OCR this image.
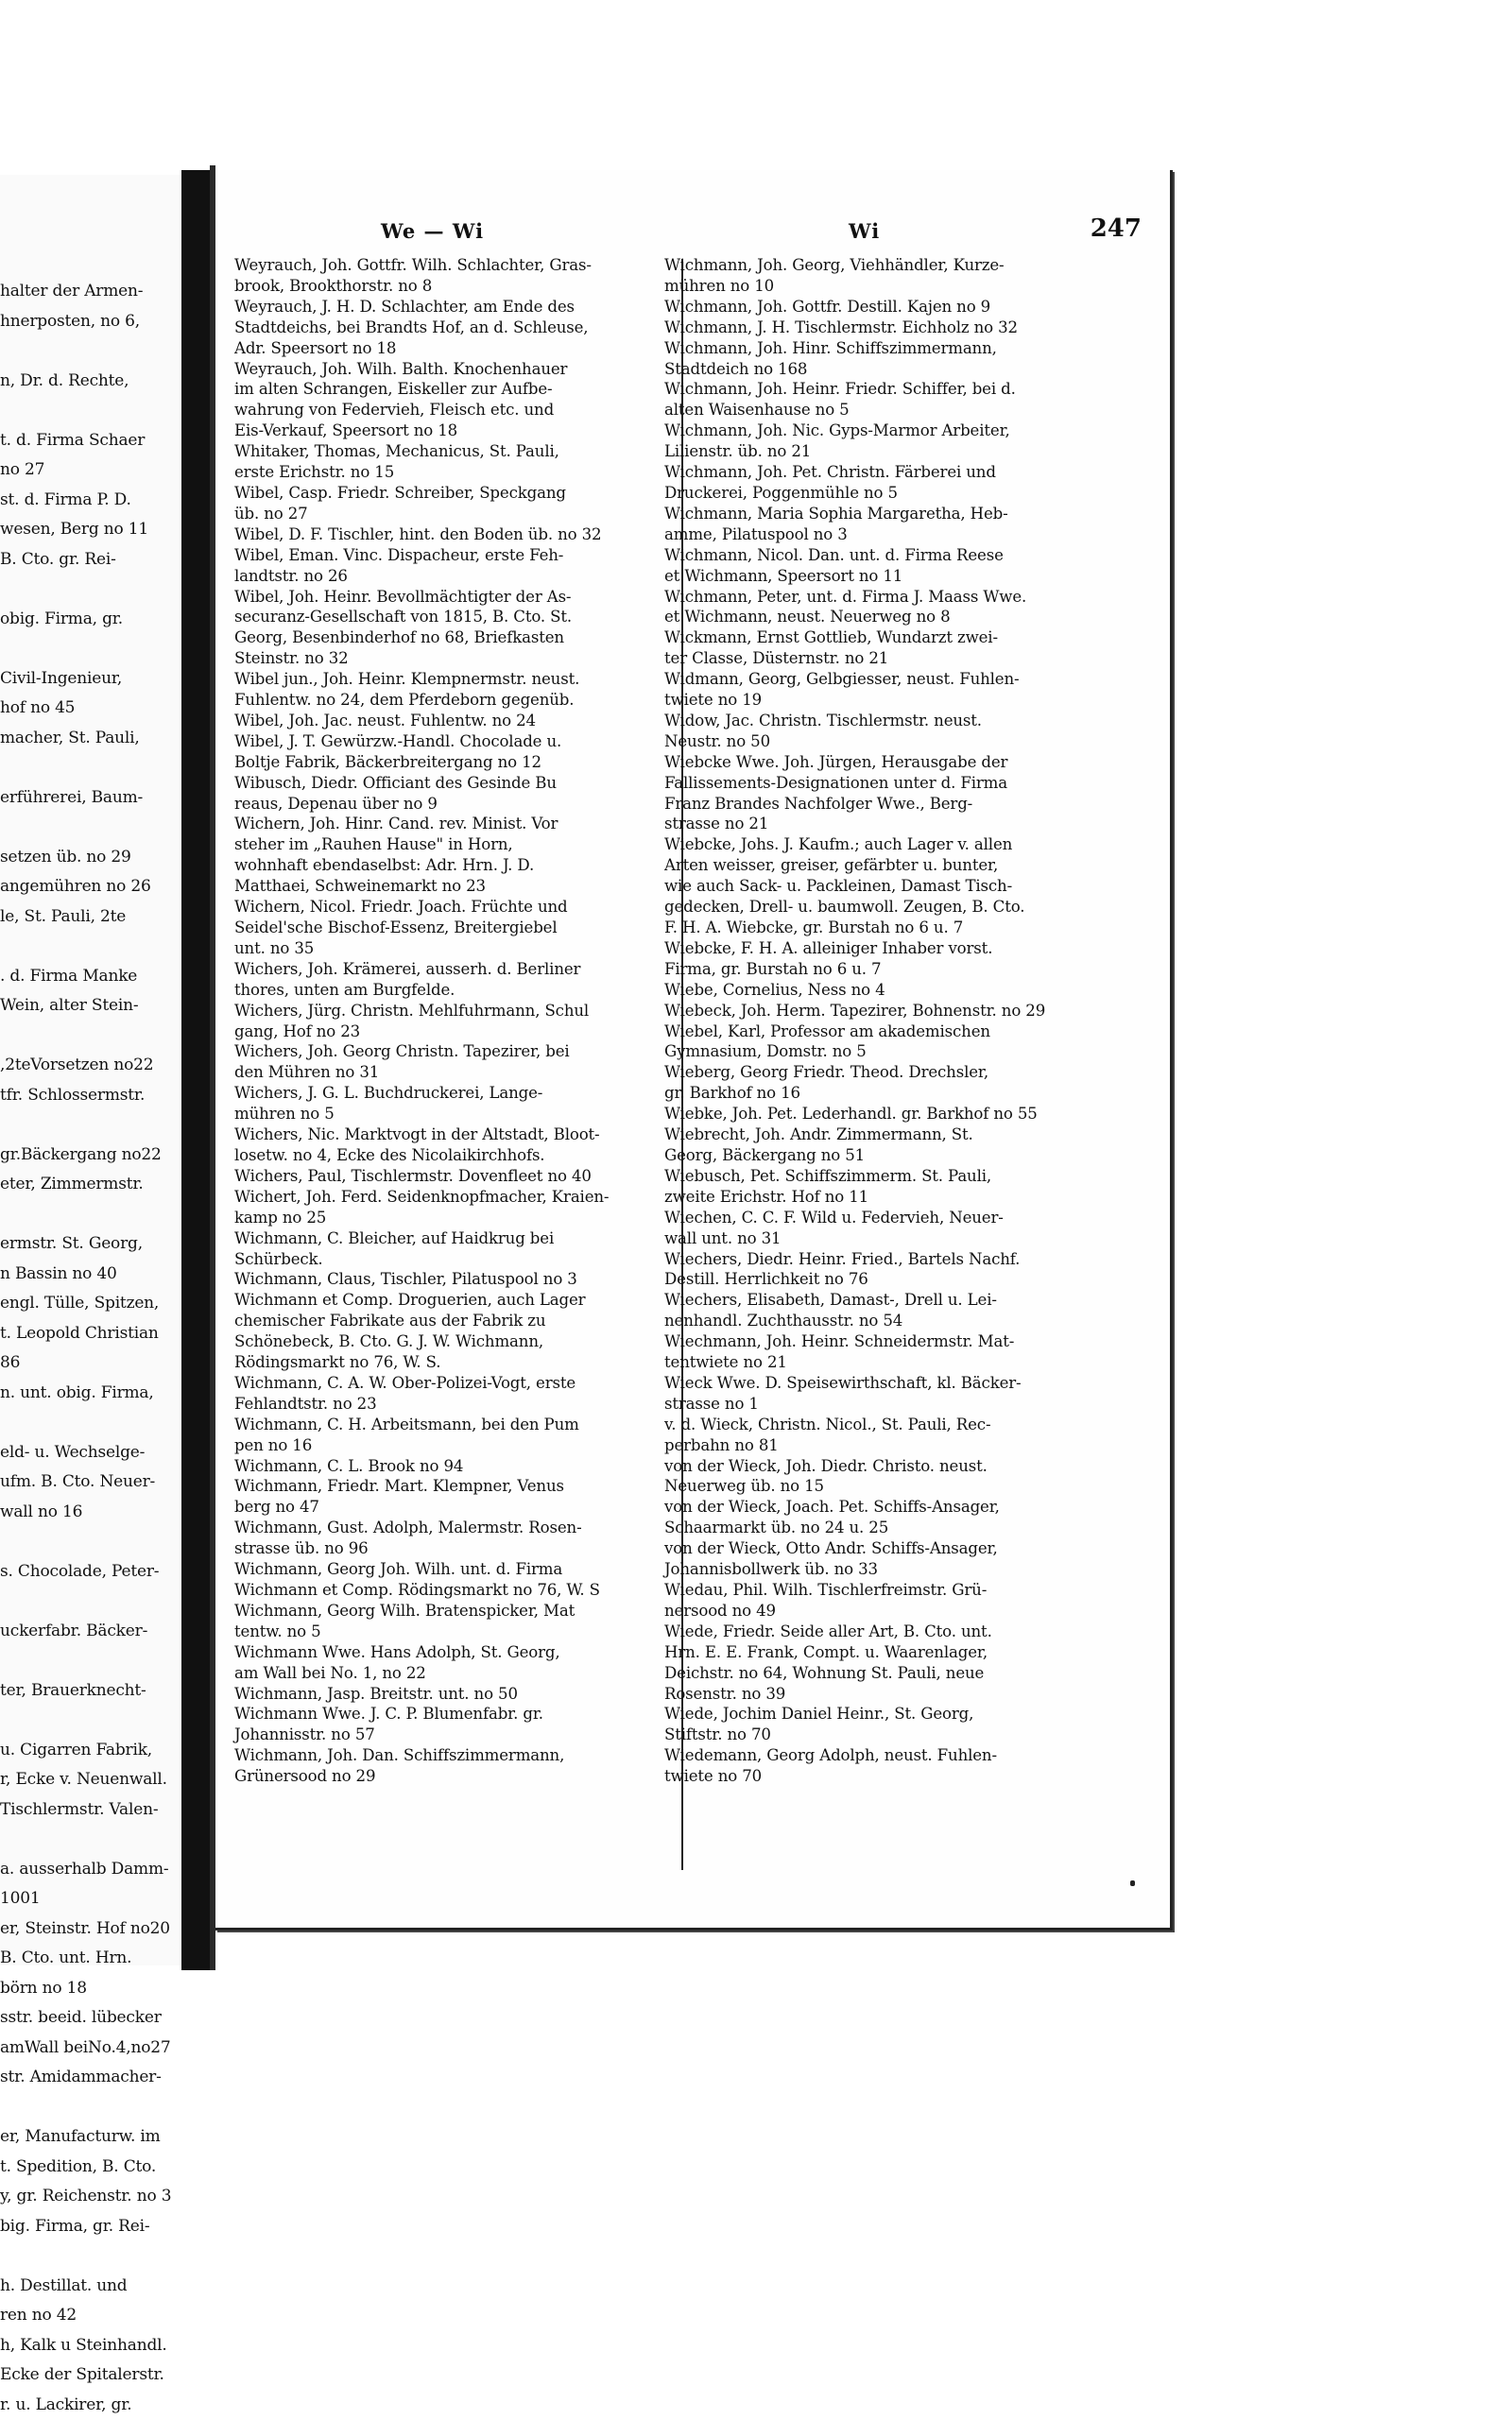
halter der Armen-
hnerposten, no 6,
n, Dr. d. Rechte,
t. d. Firma Schaer
no 27
st. d. Firma P. D.
wesen, Berg no 11
B. Cto. gr. Rei-
obig. Firma, gr.
Civil-Ingenieur,
hof no 45
macher, St. Pauli,
erführerei, Baum-
setzen üb. no 29
angemühren no 26
le, St. Pauli, 2te
. d. Firma Manke
Wein, alter Stein-
,2teVorsetzen no22
tfr. Schlossermstr.
gr.Bäckergang no22
eter, Zimmermstr.
ermstr. St. Georg,
n Bassin no 40
engl. Tülle, Spitzen,
t. Leopold Christian
86
n. unt. obig. Firma,
eld- u. Wechselge-
ufm. B. Cto. Neuer-
wall no 16
s. Chocolade, Peter-
uckerfabr. Bäcker-
ter, Brauerknecht-
u. Cigarren Fabrik,
r, Ecke v. Neuenwall.
Tischlermstr. Valen-
a. ausserhalb Damm-
1001
er, Steinstr. Hof no20
B. Cto. unt. Hrn.
börn no 18
sstr. beeid. lübecker
amWall beiNo.4,no27
str. Amidammacher-
er, Manufacturw. im
t. Spedition, B. Cto.
y, gr. Reichenstr. no 3
big. Firma, gr. Rei-
h. Destillat. und
ren no 42
h, Kalk u Steinhandl.
Ecke der Spitalerstr.
r. u. Lackirer, gr.
We — Wi	Wi	247
Weyrauch, Joh. Gottfr. Wilh. Schlachter, Gras-
brook, Brookthorstr. no 8
Weyrauch, J. H. D. Schlachter, am Ende des
Stadtdeichs, bei Brandts Hof, an d. Schleuse,
Adr. Speersort no 18
Weyrauch, Joh. Wilh. Balth. Knochenhauer
im alten Schrangen, Eiskeller zur Aufbe-
wahrung von Federvieh, Fleisch etc. und
Eis-Verkauf, Speersort no 18
Whitaker, Thomas, Mechanicus, St. Pauli,
erste Erichstr. no 15
Wibel, Casp. Friedr. Schreiber, Speckgang
üb. no 27
Wibel, D. F. Tischler, hint. den Boden üb. no 32
Wibel, Eman. Vinc. Dispacheur, erste Feh-
landtstr. no 26
Wibel, Joh. Heinr. Bevollmächtigter der As-
securanz-Gesellschaft von 1815, B. Cto. St.
Georg, Besenbinderhof no 68, Briefkasten
Steinstr. no 32
Wibel jun., Joh. Heinr. Klempnermstr. neust.
Fuhlentw. no 24, dem Pferdeborn gegenüb.
Wibel, Joh. Jac. neust. Fuhlentw. no 24
Wibel, J. T. Gewürzw.-Handl. Chocolade u.
Boltje Fabrik, Bäckerbreitergang no 12
Wibusch, Diedr. Officiant des Gesinde Bu
reaus, Depenau über no 9
Wichern, Joh. Hinr. Cand. rev. Minist. Vor
steher im „Rauhen Hause" in Horn,
wohnhaft ebendaselbst: Adr. Hrn. J. D.
Matthaei, Schweinemarkt no 23
Wichern, Nicol. Friedr. Joach. Früchte und
Seidel'sche Bischof-Essenz, Breitergiebel
unt. no 35
Wichers, Joh. Krämerei, ausserh. d. Berliner
thores, unten am Burgfelde.
Wichers, Jürg. Christn. Mehlfuhrmann, Schul
gang, Hof no 23
Wichers, Joh. Georg Christn. Tapezirer, bei
den Mühren no 31
Wichers, J. G. L. Buchdruckerei, Lange-
mühren no 5
Wichers, Nic. Marktvogt in der Altstadt, Bloot-
losetw. no 4, Ecke des Nicolaikirchhofs.
Wichers, Paul, Tischlermstr. Dovenfleet no 40
Wichert, Joh. Ferd. Seidenknopfmacher, Kraien-
kamp no 25
Wichmann, C. Bleicher, auf Haidkrug bei
Schürbeck.
Wichmann, Claus, Tischler, Pilatuspool no 3
Wichmann et Comp. Droguerien, auch Lager
chemischer Fabrikate aus der Fabrik zu
Schönebeck, B. Cto. G. J. W. Wichmann,
Rödingsmarkt no 76, W. S.
Wichmann, C. A. W. Ober-Polizei-Vogt, erste
Fehlandtstr. no 23
Wichmann, C. H. Arbeitsmann, bei den Pum
pen no 16
Wichmann, C. L. Brook no 94
Wichmann, Friedr. Mart. Klempner, Venus
berg no 47
Wichmann, Gust. Adolph, Malermstr. Rosen-
strasse üb. no 96
Wichmann, Georg Joh. Wilh. unt. d. Firma
Wichmann et Comp. Rödingsmarkt no 76, W. S
Wichmann, Georg Wilh. Bratenspicker, Mat
tentw. no 5
Wichmann Wwe. Hans Adolph, St. Georg,
am Wall bei No. 1, no 22
Wichmann, Jasp. Breitstr. unt. no 50
Wichmann Wwe. J. C. P. Blumenfabr. gr.
Johannisstr. no 57
Wichmann, Joh. Dan. Schiffszimmermann,
Grünersood no 29
Wichmann, Joh. Georg, Viehhändler, Kurze-
mühren no 10
Wichmann, Joh. Gottfr. Destill. Kajen no 9
Wichmann, J. H. Tischlermstr. Eichholz no 32
Wichmann, Joh. Hinr. Schiffszimmermann,
Stadtdeich no 168
Wichmann, Joh. Heinr. Friedr. Schiffer, bei d.
alten Waisenhause no 5
Wichmann, Joh. Nic. Gyps-Marmor Arbeiter,
Lilienstr. üb. no 21
Wichmann, Joh. Pet. Christn. Färberei und
Druckerei, Poggenmühle no 5
Wichmann, Maria Sophia Margaretha, Heb-
amme, Pilatuspool no 3
Wichmann, Nicol. Dan. unt. d. Firma Reese
et Wichmann, Speersort no 11
Wichmann, Peter, unt. d. Firma J. Maass Wwe.
et Wichmann, neust. Neuerweg no 8
Wickmann, Ernst Gottlieb, Wundarzt zwei-
ter Classe, Düsternstr. no 21
Widmann, Georg, Gelbgiesser, neust. Fuhlen-
twiete no 19
Widow, Jac. Christn. Tischlermstr. neust.
Neustr. no 50
Wiebcke Wwe. Joh. Jürgen, Herausgabe der
Fallissements-Designationen unter d. Firma
Franz Brandes Nachfolger Wwe., Berg-
strasse no 21
Wiebcke, Johs. J. Kaufm.; auch Lager v. allen
Arten weisser, greiser, gefärbter u. bunter,
wie auch Sack- u. Packleinen, Damast Tisch-
gedecken, Drell- u. baumwoll. Zeugen, B. Cto.
F. H. A. Wiebcke, gr. Burstah no 6 u. 7
Wiebcke, F. H. A. alleiniger Inhaber vorst.
Firma, gr. Burstah no 6 u. 7
Wiebe, Cornelius, Ness no 4
Wiebeck, Joh. Herm. Tapezirer, Bohnenstr. no 29
Wiebel, Karl, Professor am akademischen
Gymnasium, Domstr. no 5
Wieberg, Georg Friedr. Theod. Drechsler,
gr. Barkhof no 16
Wiebke, Joh. Pet. Lederhandl. gr. Barkhof no 55
Wiebrecht, Joh. Andr. Zimmermann, St.
Georg, Bäckergang no 51
Wiebusch, Pet. Schiffszimmerm. St. Pauli,
zweite Erichstr. Hof no 11
Wiechen, C. C. F. Wild u. Federvieh, Neuer-
wall unt. no 31
Wiechers, Diedr. Heinr. Fried., Bartels Nachf.
Destill. Herrlichkeit no 76
Wiechers, Elisabeth, Damast-, Drell u. Lei-
nenhandl. Zuchthausstr. no 54
Wiechmann, Joh. Heinr. Schneidermstr. Mat-
tentwiete no 21
Wieck Wwe. D. Speisewirthschaft, kl. Bäcker-
strasse no 1
v. d. Wieck, Christn. Nicol., St. Pauli, Rec-
perbahn no 81
von der Wieck, Joh. Diedr. Christo. neust.
Neuerweg üb. no 15
von der Wieck, Joach. Pet. Schiffs-Ansager,
Schaarmarkt üb. no 24 u. 25
von der Wieck, Otto Andr. Schiffs-Ansager,
Johannisbollwerk üb. no 33
Wiedau, Phil. Wilh. Tischlerfreimstr. Grü-
nersood no 49
Wiede, Friedr. Seide aller Art, B. Cto. unt.
Hrn. E. E. Frank, Compt. u. Waarenlager,
Deichstr. no 64, Wohnung St. Pauli, neue
Rosenstr. no 39
Wiede, Jochim Daniel Heinr., St. Georg,
Stiftstr. no 70
Wiedemann, Georg Adolph, neust. Fuhlen-
twiete no 70
